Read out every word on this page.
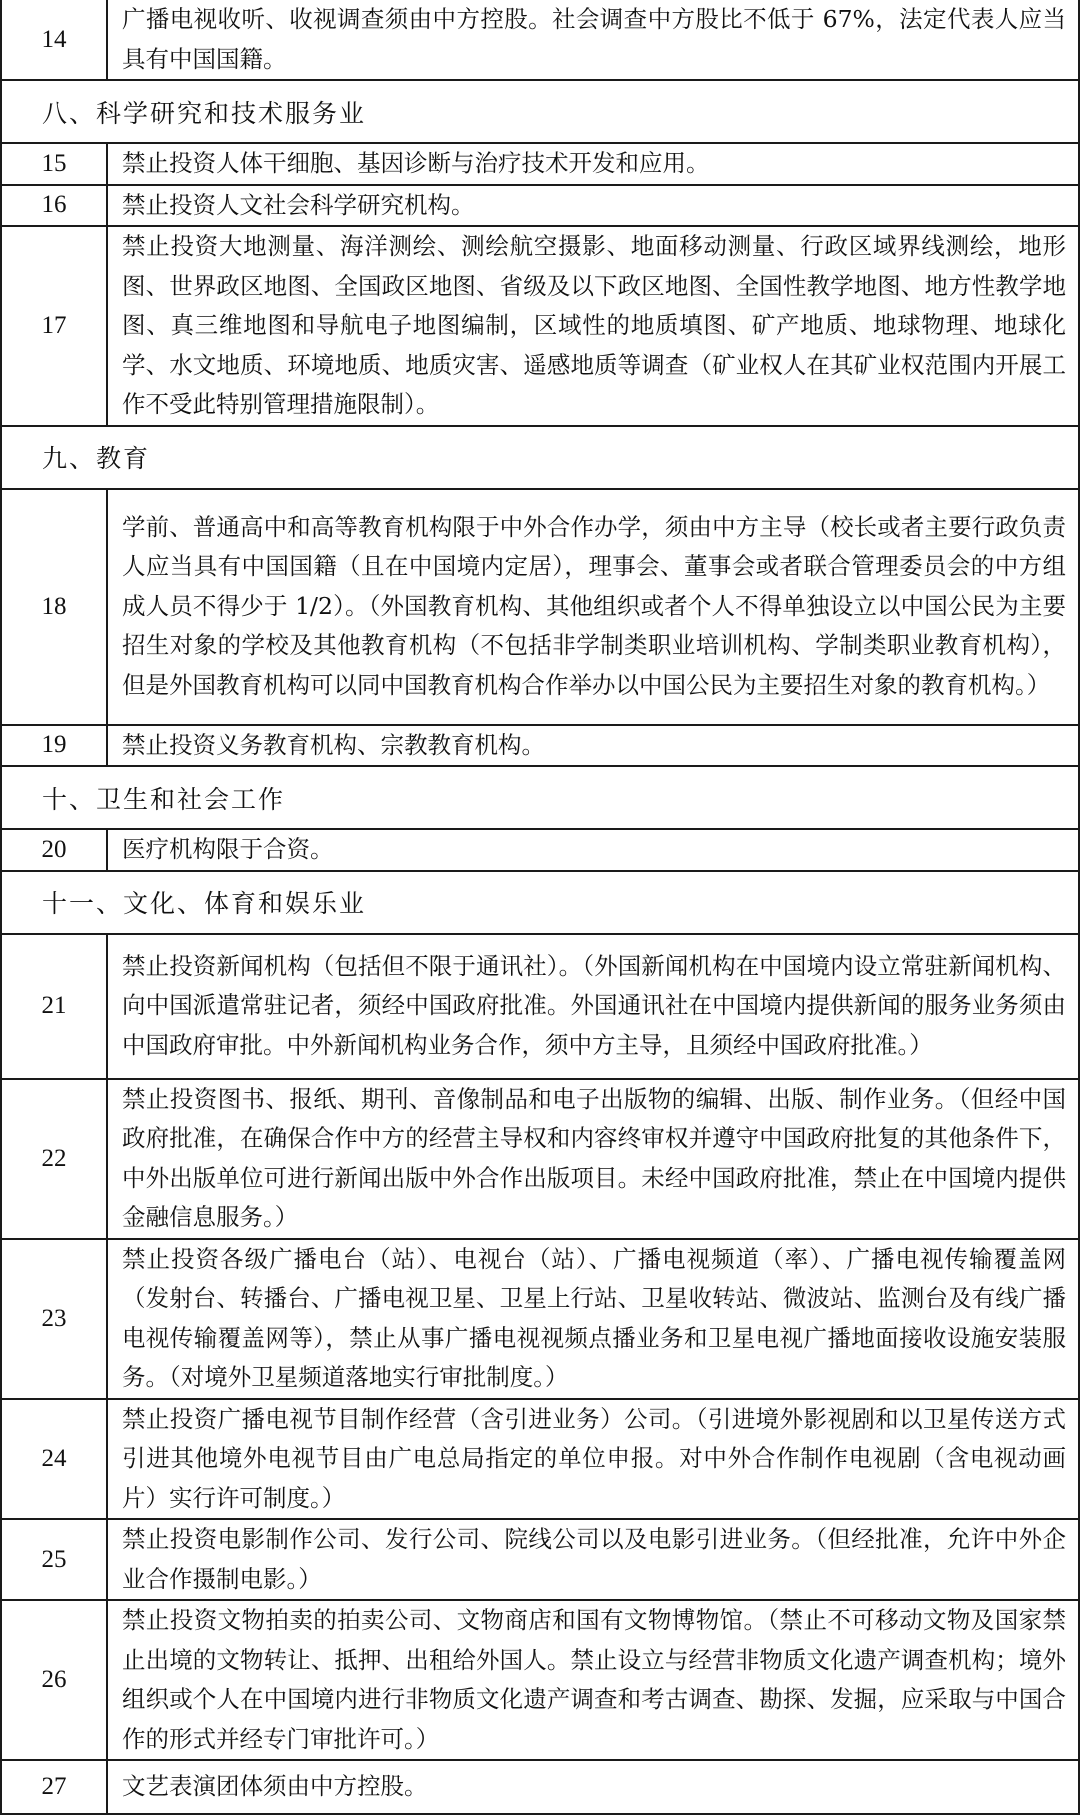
14	广播电视收听、收视调查须由中方控股。社会调查中方股比不低于 67%，法定代表人应当具有中国国籍。
八、科学研究和技术服务业	
15	禁止投资人体干细胞、基因诊断与治疗技术开发和应用。
16	禁止投资人文社会科学研究机构。
17	禁止投资大地测量、海洋测绘、测绘航空摄影、地面移动测量、行政区域界线测绘，地形图、世界政区地图、全国政区地图、省级及以下政区地图、全国性教学地图、地方性教学地图、真三维地图和导航电子地图编制，区域性的地质填图、矿产地质、地球物理、地球化学、水文地质、环境地质、地质灾害、遥感地质等调查（矿业权人在其矿业权范围内开展工作不受此特别管理措施限制）。
九、教育	
18	学前、普通高中和高等教育机构限于中外合作办学，须由中方主导（校长或者主要行政负责人应当具有中国国籍（且在中国境内定居），理事会、董事会或者联合管理委员会的中方组成人员不得少于 1/2）。（外国教育机构、其他组织或者个人不得单独设立以中国公民为主要招生对象的学校及其他教育机构（不包括非学制类职业培训机构、学制类职业教育机构），但是外国教育机构可以同中国教育机构合作举办以中国公民为主要招生对象的教育机构。）
19	禁止投资义务教育机构、宗教教育机构。
十、卫生和社会工作	
20	医疗机构限于合资。
十一、文化、体育和娱乐业	
21	禁止投资新闻机构（包括但不限于通讯社）。（外国新闻机构在中国境内设立常驻新闻机构、向中国派遣常驻记者，须经中国政府批准。外国通讯社在中国境内提供新闻的服务业务须由中国政府审批。中外新闻机构业务合作，须中方主导，且须经中国政府批准。）
22	禁止投资图书、报纸、期刊、音像制品和电子出版物的编辑、出版、制作业务。（但经中国政府批准，在确保合作中方的经营主导权和内容终审权并遵守中国政府批复的其他条件下，中外出版单位可进行新闻出版中外合作出版项目。未经中国政府批准，禁止在中国境内提供金融信息服务。）
23	禁止投资各级广播电台（站）、电视台（站）、广播电视频道（率）、广播电视传输覆盖网（发射台、转播台、广播电视卫星、卫星上行站、卫星收转站、微波站、监测台及有线广播电视传输覆盖网等），禁止从事广播电视视频点播业务和卫星电视广播地面接收设施安装服务。（对境外卫星频道落地实行审批制度。）
24	禁止投资广播电视节目制作经营（含引进业务）公司。（引进境外影视剧和以卫星传送方式引进其他境外电视节目由广电总局指定的单位申报。对中外合作制作电视剧（含电视动画片）实行许可制度。）
25	禁止投资电影制作公司、发行公司、院线公司以及电影引进业务。（但经批准，允许中外企业合作摄制电影。）
26	禁止投资文物拍卖的拍卖公司、文物商店和国有文物博物馆。（禁止不可移动文物及国家禁止出境的文物转让、抵押、出租给外国人。禁止设立与经营非物质文化遗产调查机构；境外组织或个人在中国境内进行非物质文化遗产调查和考古调查、勘探、发掘，应采取与中国合作的形式并经专门审批许可。）
27	文艺表演团体须由中方控股。
